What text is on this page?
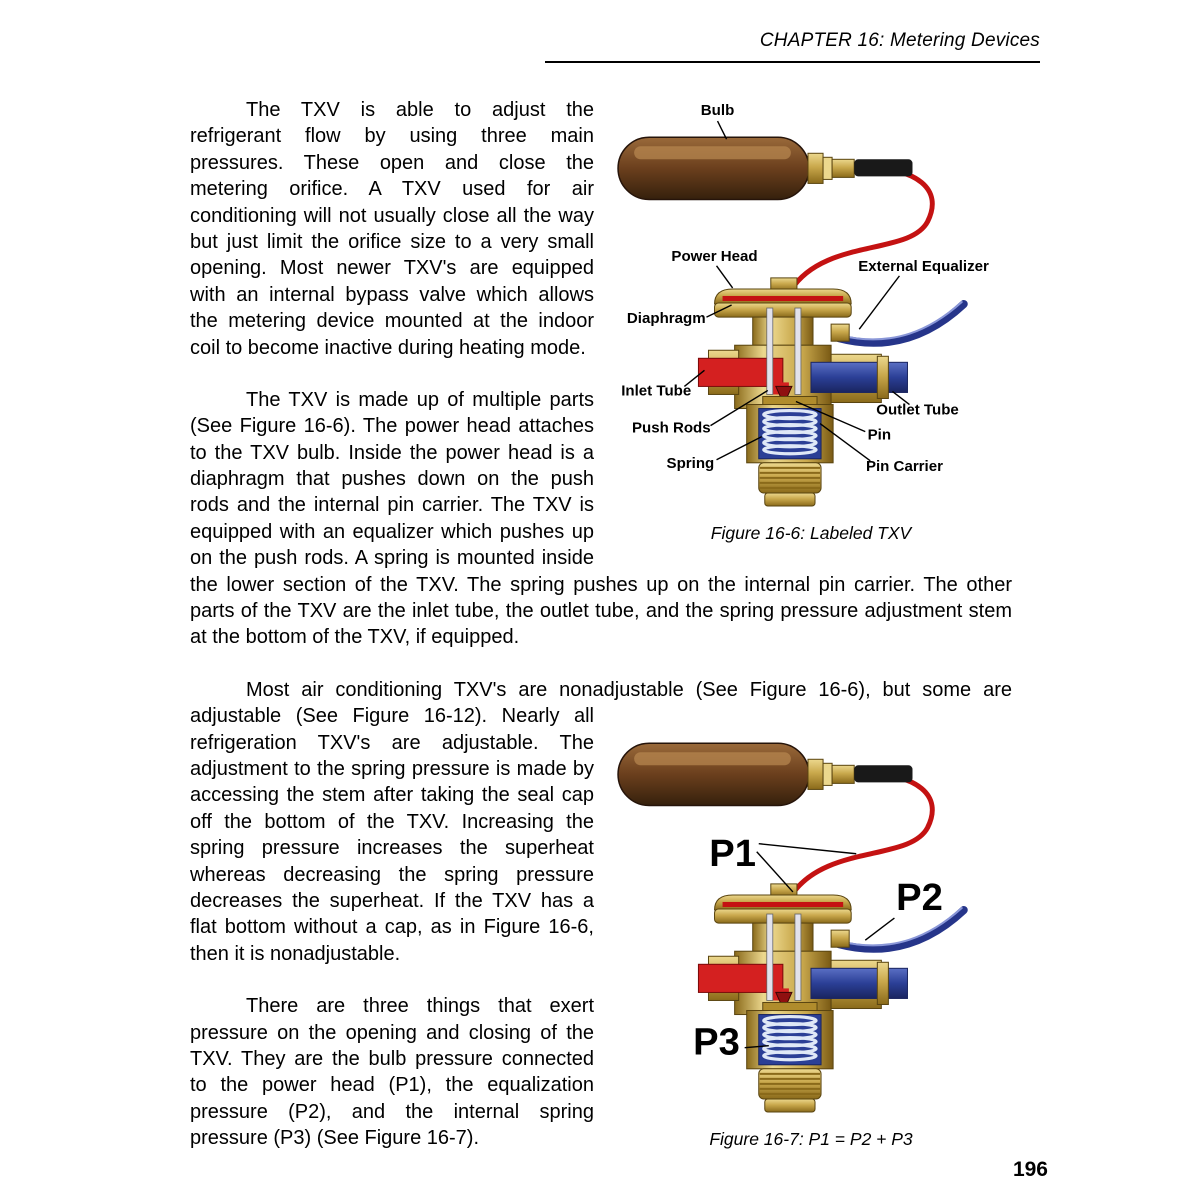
CHAPTER 16: Metering Devices
Bulb
Power Head
External Equalizer
Diaphragm
Inlet Tube
Push Rods
Outlet Tube
Pin
Spring	Pin Carrier
Figure 16-6: Labeled TXV

The TXV is able to adjust the refrigerant flow by using three main pressures. These open and close the metering orifice. A TXV used for air conditioning will not usually close all the way but just limit the orifice size to a very small opening. Most newer TXV's are equipped with an internal bypass valve which allows the metering device mounted at the indoor coil to become inactive during heating mode.

The TXV is made up of multiple parts (See Figure 16-6). The power head attaches to the TXV bulb. Inside the power head is a diaphragm that pushes down on the push rods and the internal pin carrier. The TXV is equipped with an equalizer which pushes up on the push rods. A spring is mounted inside the lower section of the TXV. The spring pushes up on the internal pin carrier. The other parts of the TXV are the inlet tube, the outlet tube, and the spring pressure adjustment stem at the bottom of the TXV, if equipped.

Most air conditioning TXV's are nonadjustable (See Figure 16-6), but some are
P1
P2
P3
Figure 16-7: P1 = P2 + P3
adjustable (See Figure 16-12). Nearly all refrigeration TXV's are adjustable. The adjustment to the spring pressure is made by accessing the stem after taking the seal cap off the bottom of the TXV. Increasing the spring pressure increases the superheat whereas decreasing the spring pressure decreases the superheat. If the TXV has a flat bottom without a cap, as in Figure 16-6, then it is nonadjustable.

There are three things that exert pressure on the opening and closing of the TXV. They are the bulb pressure connected to the power head (P1), the equalization pressure (P2), and the internal spring pressure (P3) (See Figure 16-7).

196
